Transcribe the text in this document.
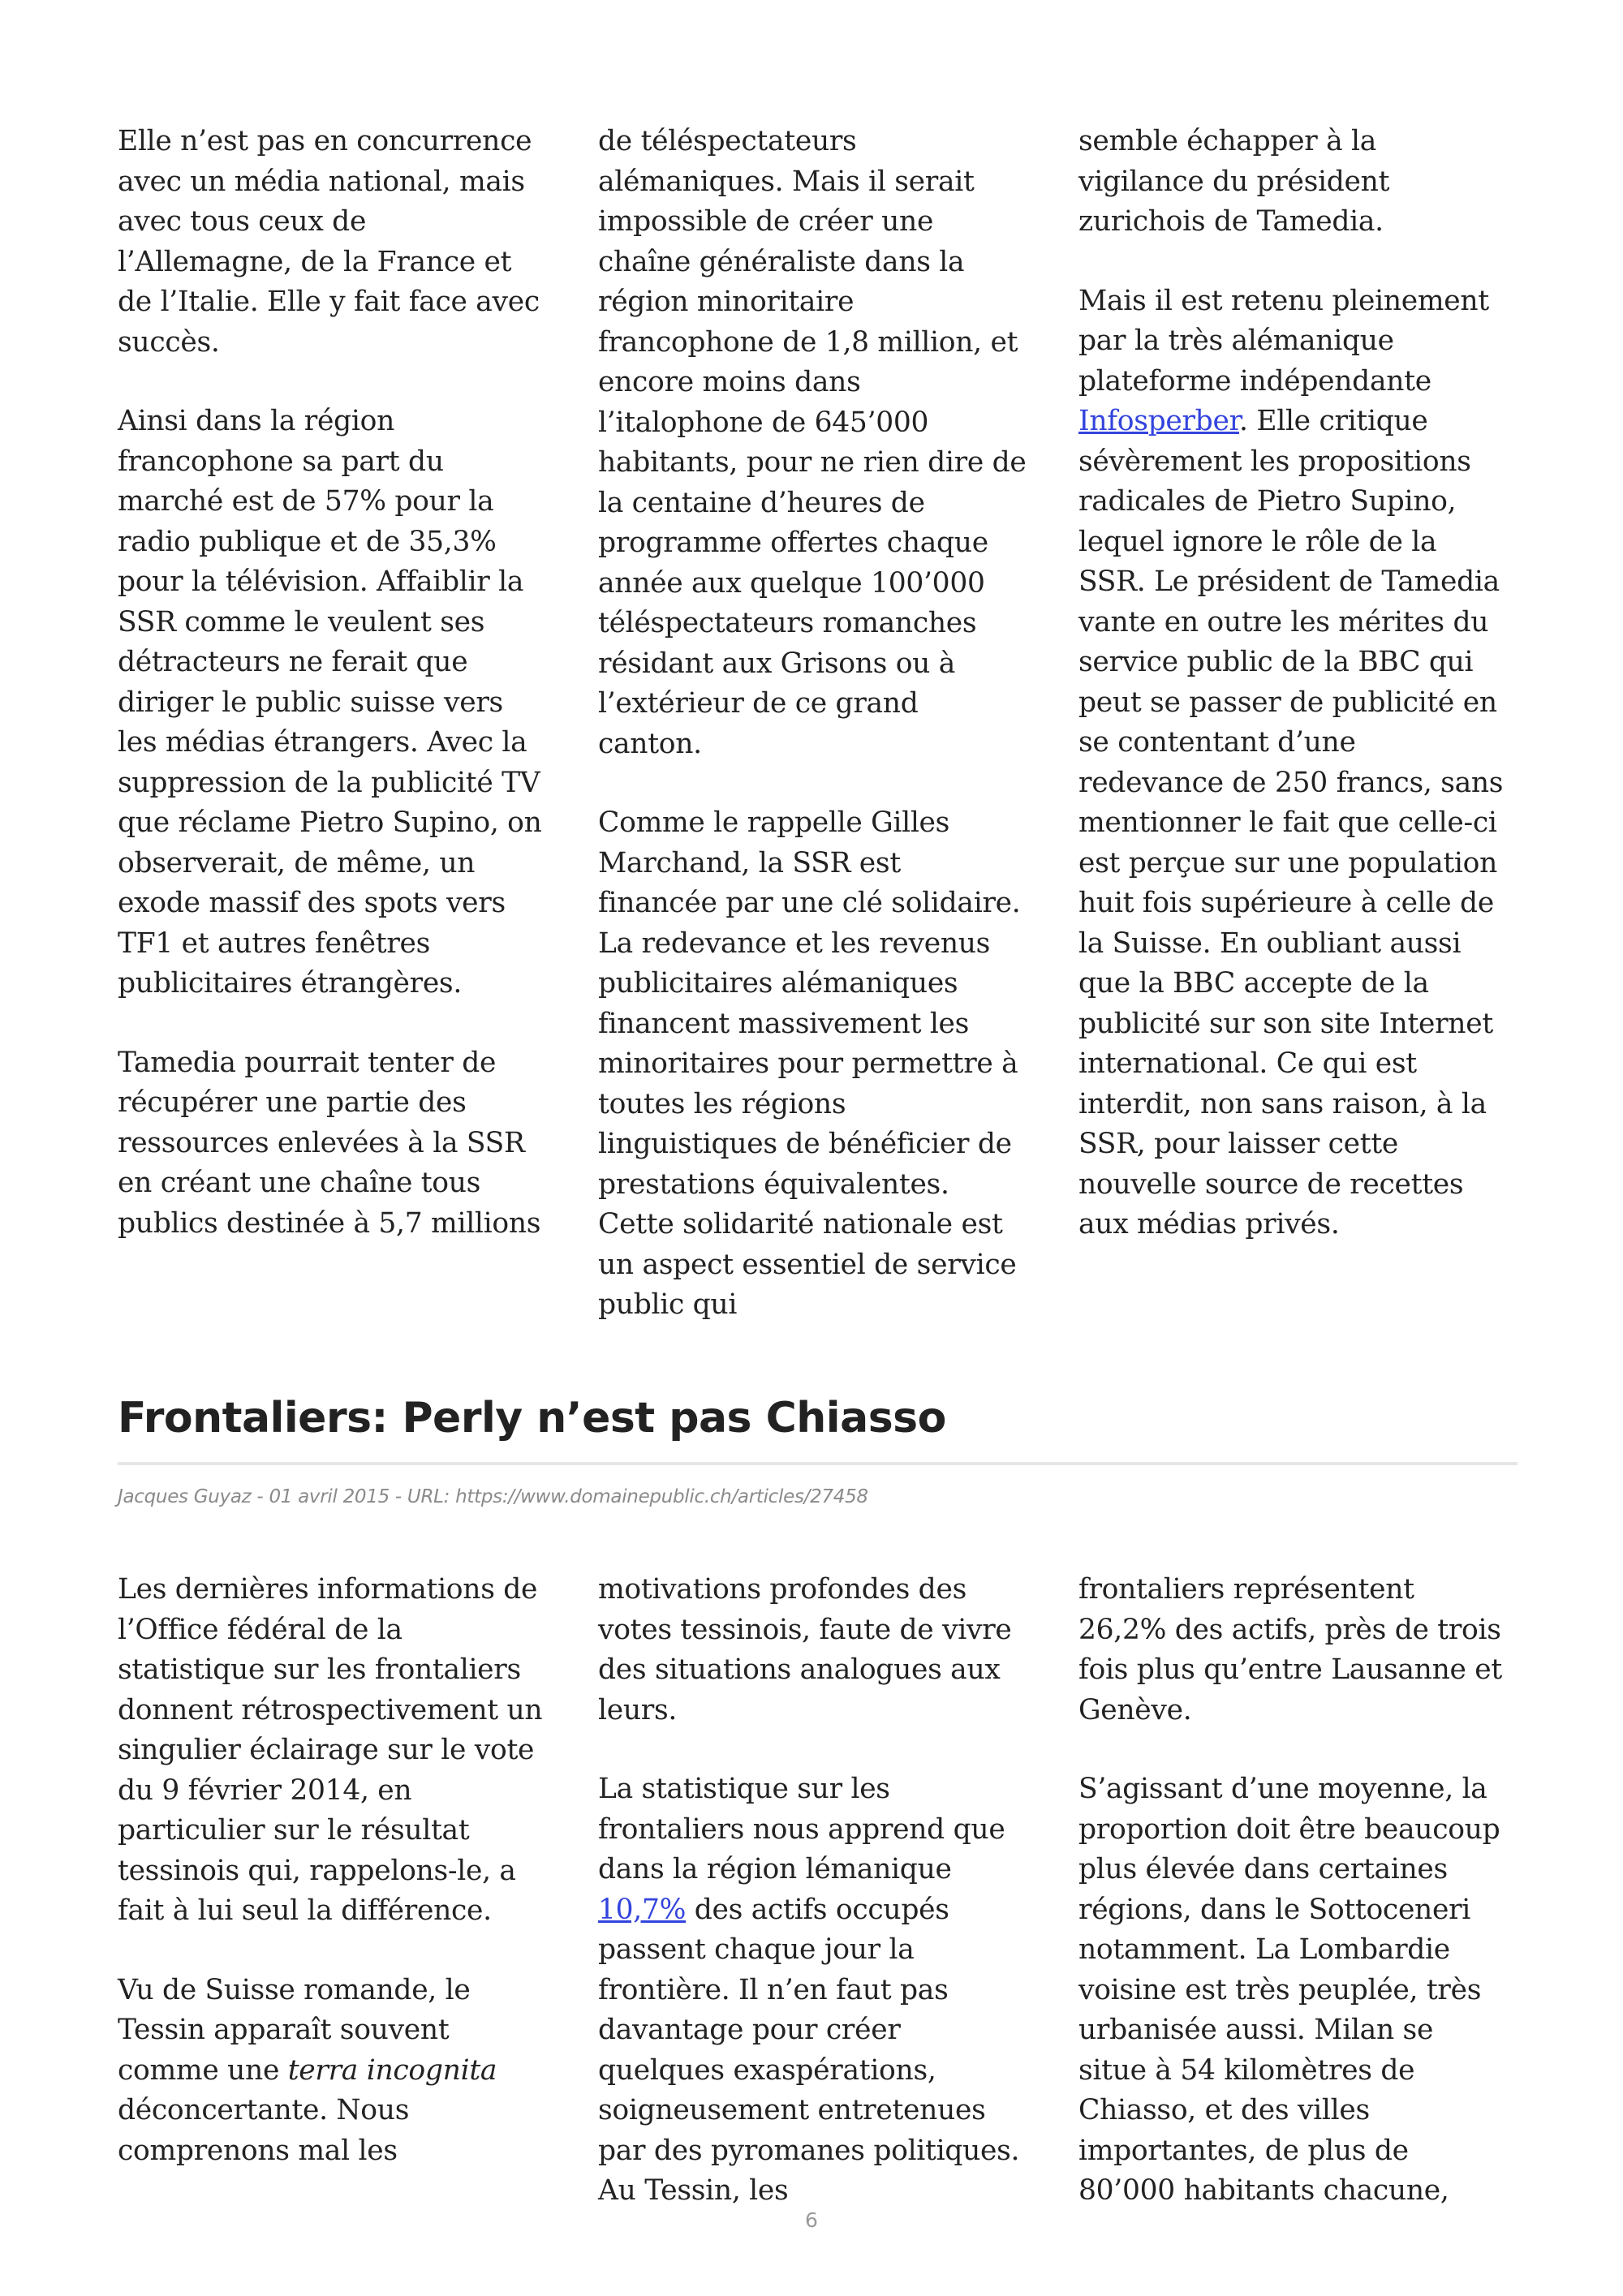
Elle n’est pas en concurrence avec un média national, mais avec tous ceux de l’Allemagne, de la France et de l’Italie. Elle y fait face avec succès.

Ainsi dans la région francophone sa part du marché est de 57% pour la radio publique et de 35,3% pour la télévision. Affaiblir la SSR comme le veulent ses détracteurs ne ferait que diriger le public suisse vers les médias étrangers. Avec la suppression de la publicité TV que réclame Pietro Supino, on observerait, de même, un exode massif des spots vers TF1 et autres fenêtres publicitaires étrangères.

Tamedia pourrait tenter de récupérer une partie des ressources enlevées à la SSR en créant une chaîne tous publics destinée à 5,7 millions

de téléspectateurs alémaniques. Mais il serait impossible de créer une chaîne généraliste dans la région minoritaire francophone de 1,8 million, et encore moins dans l’italophone de 645’000 habitants, pour ne rien dire de la centaine d’heures de programme offertes chaque année aux quelque 100’000 téléspectateurs romanches résidant aux Grisons ou à l’extérieur de ce grand canton.

Comme le rappelle Gilles Marchand, la SSR est financée par une clé solidaire. La redevance et les revenus publicitaires alémaniques financent massivement les minoritaires pour permettre à toutes les régions linguistiques de bénéficier de prestations équivalentes. Cette solidarité nationale est un aspect essentiel de service public qui

semble échapper à la vigilance du président zurichois de Tamedia.

Mais il est retenu pleinement par la très alémanique plateforme indépendante Infosperber. Elle critique sévèrement les propositions radicales de Pietro Supino, lequel ignore le rôle de la SSR. Le président de Tamedia vante en outre les mérites du service public de la BBC qui peut se passer de publicité en se contentant d’une redevance de 250 francs, sans mentionner le fait que celle-ci est perçue sur une population huit fois supérieure à celle de la Suisse. En oubliant aussi que la BBC accepte de la publicité sur son site Internet international. Ce qui est interdit, non sans raison, à la SSR, pour laisser cette nouvelle source de recettes aux médias privés.

Frontaliers: Perly n’est pas Chiasso
Jacques Guyaz - 01 avril 2015 - URL: https://www.domainepublic.ch/articles/27458

Les dernières informations de l’Office fédéral de la statistique sur les frontaliers donnent rétrospectivement un singulier éclairage sur le vote du 9 février 2014, en particulier sur le résultat tessinois qui, rappelons-le, a fait à lui seul la différence.

Vu de Suisse romande, le Tessin apparaît souvent comme une terra incognita déconcertante. Nous comprenons mal les

motivations profondes des votes tessinois, faute de vivre des situations analogues aux leurs.

La statistique sur les frontaliers nous apprend que dans la région lémanique 10,7% des actifs occupés passent chaque jour la frontière. Il n’en faut pas davantage pour créer quelques exaspérations, soigneusement entretenues par des pyromanes politiques. Au Tessin, les

frontaliers représentent 26,2% des actifs, près de trois fois plus qu’entre Lausanne et Genève.

S’agissant d’une moyenne, la proportion doit être beaucoup plus élevée dans certaines régions, dans le Sottoceneri notamment. La Lombardie voisine est très peuplée, très urbanisée aussi. Milan se situe à 54 kilomètres de Chiasso, et des villes importantes, de plus de 80’000 habitants chacune,

6
